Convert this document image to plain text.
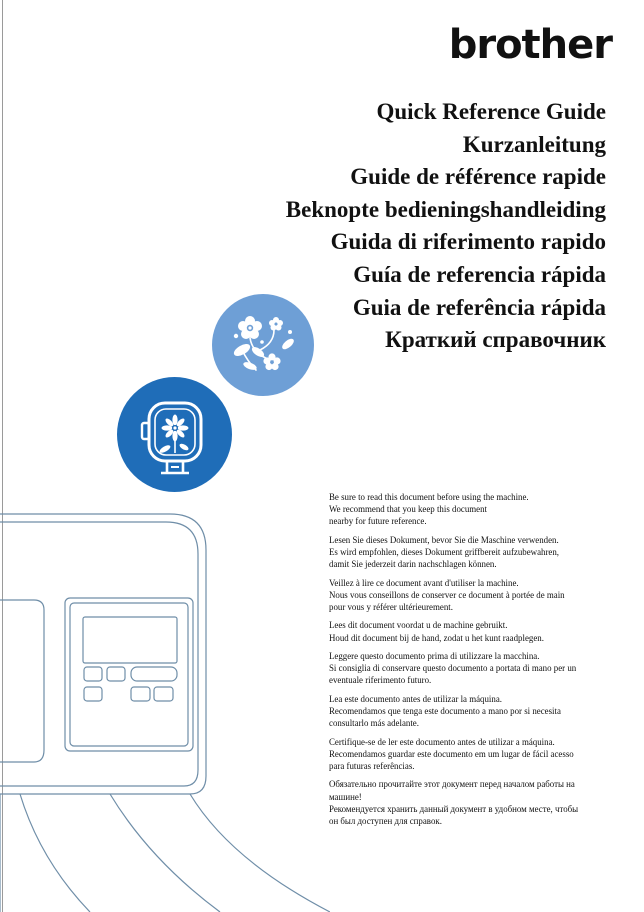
brother
Quick Reference Guide
Kurzanleitung
Guide de référence rapide
Beknopte bedieningshandleiding
Guida di riferimento rapido
Guía de referencia rápida
Guia de referência rápida
Краткий справочник
Be sure to read this document before using the machine.
We recommend that you keep this document
nearby for future reference.
Lesen Sie dieses Dokument, bevor Sie die Maschine verwenden.
Es wird empfohlen, dieses Dokument griffbereit aufzubewahren,
damit Sie jederzeit darin nachschlagen können.
Veillez à lire ce document avant d'utiliser la machine.
Nous vous conseillons de conserver ce document à portée de main
pour vous y référer ultérieurement.
Lees dit document voordat u de machine gebruikt.
Houd dit document bij de hand, zodat u het kunt raadplegen.
Leggere questo documento prima di utilizzare la macchina.
Si consiglia di conservare questo documento a portata di mano per un
eventuale riferimento futuro.
Lea este documento antes de utilizar la máquina.
Recomendamos que tenga este documento a mano por si necesita
consultarlo más adelante.
Certifique-se de ler este documento antes de utilizar a máquina.
Recomendamos guardar este documento em um lugar de fácil acesso
para futuras referências.
Обязательно прочитайте этот документ перед началом работы на
машине!
Рекомендуется хранить данный документ в удобном месте, чтобы
он был доступен для справок.
